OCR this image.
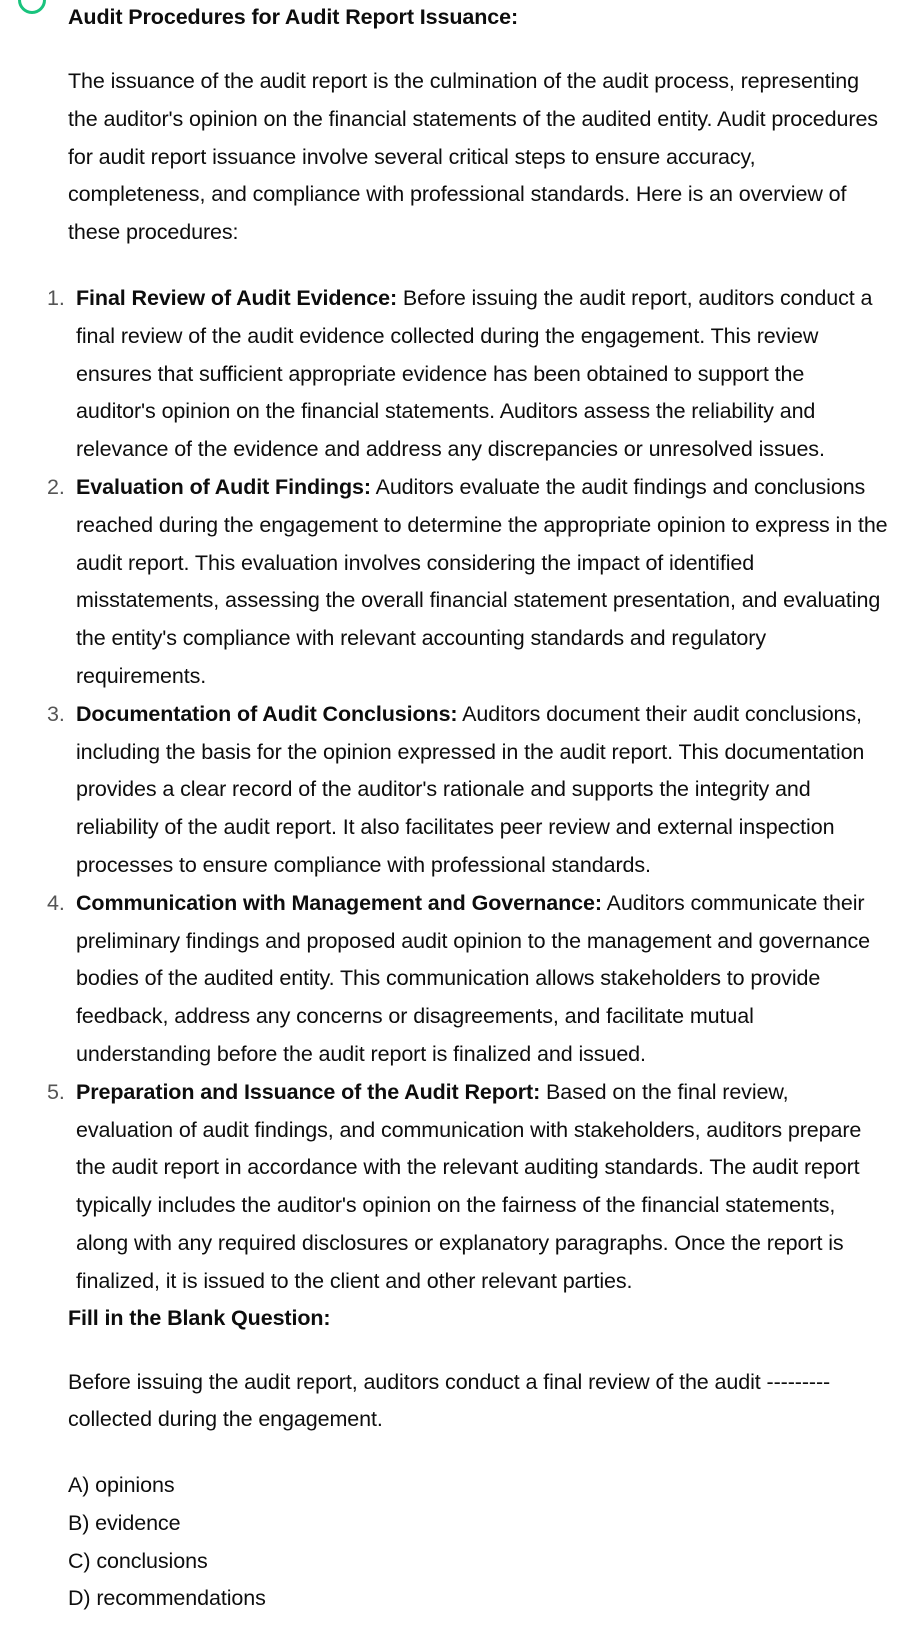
Audit Procedures for Audit Report Issuance:

The issuance of the audit report is the culmination of the audit process, representing the auditor's opinion on the financial statements of the audited entity. Audit procedures for audit report issuance involve several critical steps to ensure accuracy, completeness, and compliance with professional standards. Here is an overview of these procedures:

1. Final Review of Audit Evidence: Before issuing the audit report, auditors conduct a final review of the audit evidence collected during the engagement. This review ensures that sufficient appropriate evidence has been obtained to support the auditor's opinion on the financial statements. Auditors assess the reliability and relevance of the evidence and address any discrepancies or unresolved issues.
2. Evaluation of Audit Findings: Auditors evaluate the audit findings and conclusions reached during the engagement to determine the appropriate opinion to express in the audit report. This evaluation involves considering the impact of identified misstatements, assessing the overall financial statement presentation, and evaluating the entity's compliance with relevant accounting standards and regulatory requirements.
3. Documentation of Audit Conclusions: Auditors document their audit conclusions, including the basis for the opinion expressed in the audit report. This documentation provides a clear record of the auditor's rationale and supports the integrity and reliability of the audit report. It also facilitates peer review and external inspection processes to ensure compliance with professional standards.
4. Communication with Management and Governance: Auditors communicate their preliminary findings and proposed audit opinion to the management and governance bodies of the audited entity. This communication allows stakeholders to provide feedback, address any concerns or disagreements, and facilitate mutual understanding before the audit report is finalized and issued.
5. Preparation and Issuance of the Audit Report: Based on the final review, evaluation of audit findings, and communication with stakeholders, auditors prepare the audit report in accordance with the relevant auditing standards. The audit report typically includes the auditor's opinion on the fairness of the financial statements, along with any required disclosures or explanatory paragraphs. Once the report is finalized, it is issued to the client and other relevant parties.
Fill in the Blank Question:

Before issuing the audit report, auditors conduct a final review of the audit --------- collected during the engagement.

A) opinions
B) evidence
C) conclusions
D) recommendations
